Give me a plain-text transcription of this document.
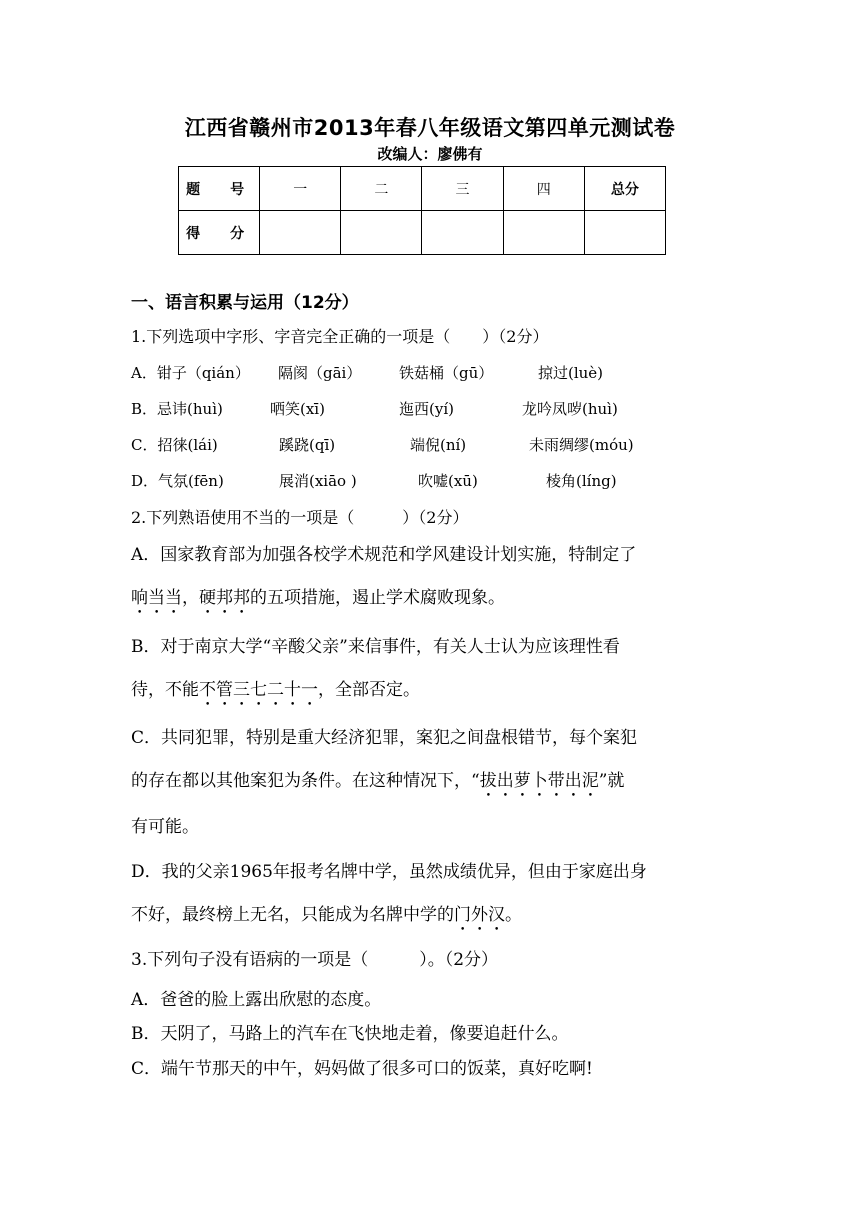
江西省赣州市2013年春八年级语文第四单元测试卷
改编人：廖佛有
题　号	一	二	三	四	总分
得　分					
一、语言积累与运用（12分）
1.下列选项中字形、字音完全正确的一项是（　　）（2分）
A．钳子（qián） 隔阂（gāi）	铁菇桶（gū）	掠过(luè)
B．忌讳(huì)	哂笑(xī)	迤西(yí)	龙吟凤哕(huì)
C．招徕(lái)	蹊跷(qī)	端倪(ní)	未雨绸缪(móu)
D．气氛(fēn)	展消(xiāo )	吹嘘(xū)	棱角(líng)
2.下列熟语使用不当的一项是（　　　）（2分）
A．国家教育部为加强各校学术规范和学风建设计划实施，特制定了
响当当，硬邦邦的五项措施，遏止学术腐败现象。
B．对于南京大学“辛酸父亲”来信事件，有关人士认为应该理性看
待，不能不管三七二十一，全部否定。
C．共同犯罪，特别是重大经济犯罪，案犯之间盘根错节，每个案犯
的存在都以其他案犯为条件。在这种情况下，“拔出萝卜带出泥”就
有可能。
D．我的父亲1965年报考名牌中学，虽然成绩优异，但由于家庭出身
不好，最终榜上无名，只能成为名牌中学的门外汉。
3.下列句子没有语病的一项是（　　　）。（2分）
A．爸爸的脸上露出欣慰的态度。
B．天阴了，马路上的汽车在飞快地走着，像要追赶什么。
C．端午节那天的中午，妈妈做了很多可口的饭菜，真好吃啊!
